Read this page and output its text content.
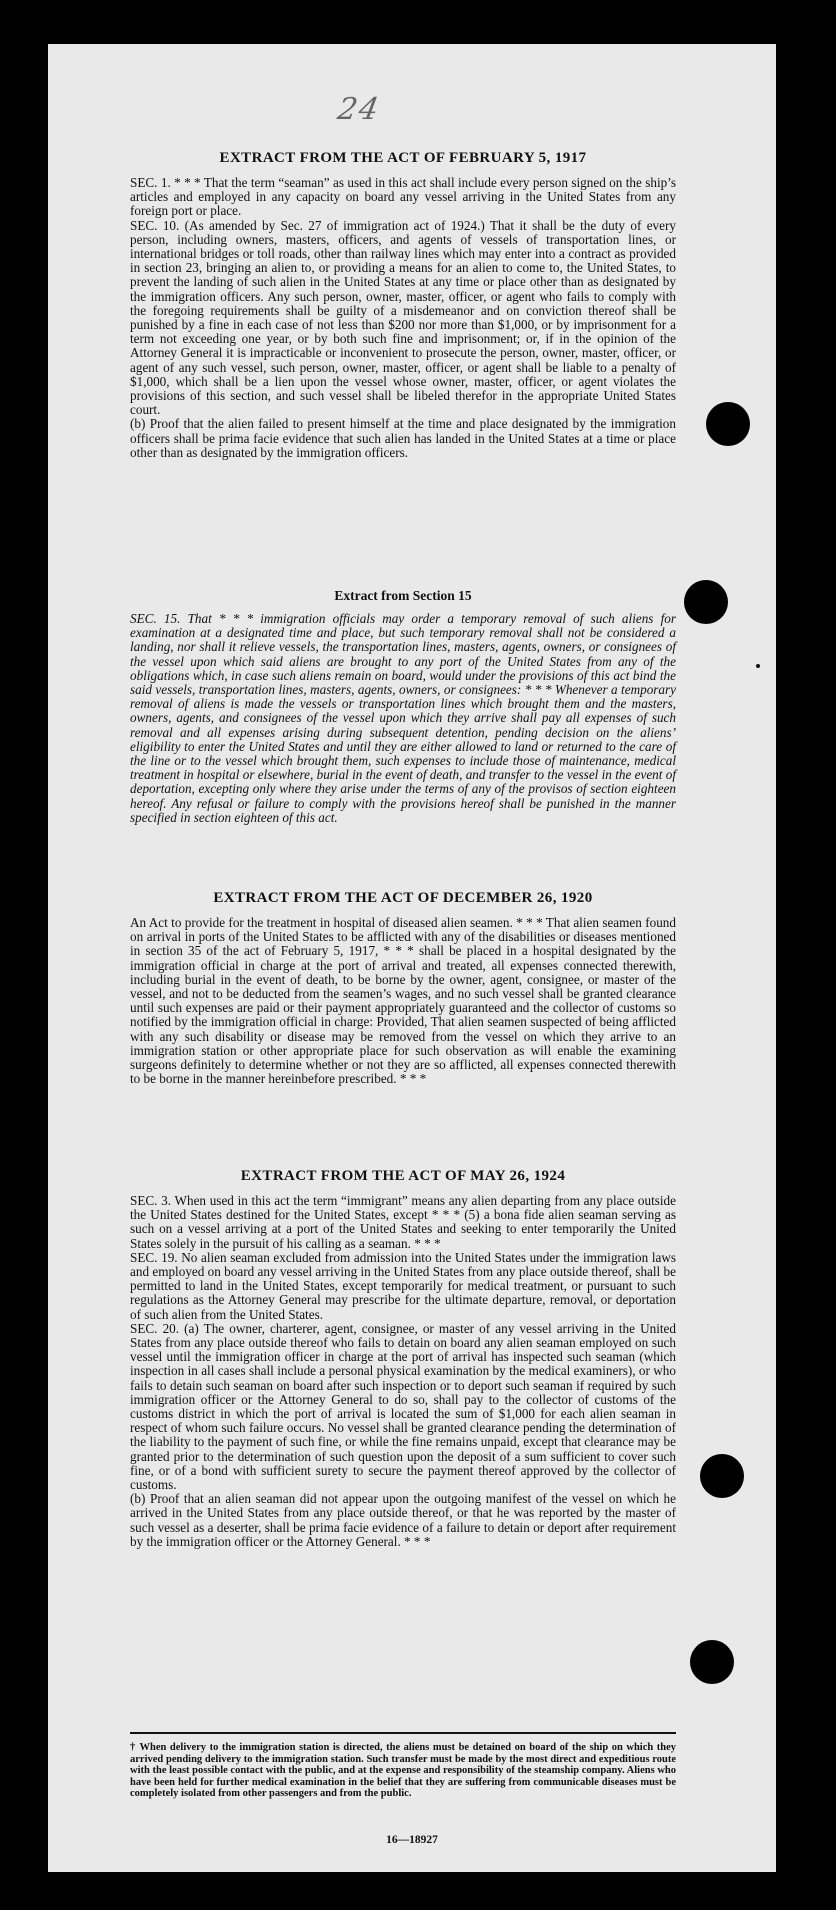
24
EXTRACT FROM THE ACT OF FEBRUARY 5, 1917

SEC. 1. * * * That the term “seaman” as used in this act shall include every person signed on the ship’s articles and employed in any capacity on board any vessel arriving in the United States from any foreign port or place.

SEC. 10. (As amended by Sec. 27 of immigration act of 1924.) That it shall be the duty of every person, including owners, masters, officers, and agents of vessels of transportation lines, or international bridges or toll roads, other than railway lines which may enter into a contract as provided in section 23, bringing an alien to, or providing a means for an alien to come to, the United States, to prevent the landing of such alien in the United States at any time or place other than as designated by the immigration officers. Any such person, owner, master, officer, or agent who fails to comply with the foregoing requirements shall be guilty of a misdemeanor and on conviction thereof shall be punished by a fine in each case of not less than $200 nor more than $1,000, or by imprisonment for a term not exceeding one year, or by both such fine and imprisonment; or, if in the opinion of the Attorney General it is impracticable or inconvenient to prosecute the person, owner, master, officer, or agent of any such vessel, such person, owner, master, officer, or agent shall be liable to a penalty of $1,000, which shall be a lien upon the vessel whose owner, master, officer, or agent violates the provisions of this section, and such vessel shall be libeled therefor in the appropriate United States court.

(b) Proof that the alien failed to present himself at the time and place designated by the immigration officers shall be prima facie evidence that such alien has landed in the United States at a time or place other than as designated by the immigration officers.

Extract from Section 15
SEC. 15. That * * * immigration officials may order a temporary removal of such aliens for examination at a designated time and place, but such temporary removal shall not be considered a landing, nor shall it relieve vessels, the transportation lines, masters, agents, owners, or consignees of the vessel upon which said aliens are brought to any port of the United States from any of the obligations which, in case such aliens remain on board, would under the provisions of this act bind the said vessels, transportation lines, masters, agents, owners, or consignees: * * * Whenever a temporary removal of aliens is made the vessels or transportation lines which brought them and the masters, owners, agents, and consignees of the vessel upon which they arrive shall pay all expenses of such removal and all expenses arising during subsequent detention, pending decision on the aliens’ eligibility to enter the United States and until they are either allowed to land or returned to the care of the line or to the vessel which brought them, such expenses to include those of maintenance, medical treatment in hospital or elsewhere, burial in the event of death, and transfer to the vessel in the event of deportation, excepting only where they arise under the terms of any of the provisos of section eighteen hereof. Any refusal or failure to comply with the provisions hereof shall be punished in the manner specified in section eighteen of this act.
EXTRACT FROM THE ACT OF DECEMBER 26, 1920
An Act to provide for the treatment in hospital of diseased alien seamen. * * * That alien seamen found on arrival in ports of the United States to be afflicted with any of the disabilities or diseases mentioned in section 35 of the act of February 5, 1917, * * * shall be placed in a hospital designated by the immigration official in charge at the port of arrival and treated, all expenses connected therewith, including burial in the event of death, to be borne by the owner, agent, consignee, or master of the vessel, and not to be deducted from the seamen’s wages, and no such vessel shall be granted clearance until such expenses are paid or their payment appropriately guaranteed and the collector of customs so notified by the immigration official in charge: Provided, That alien seamen suspected of being afflicted with any such disability or disease may be removed from the vessel on which they arrive to an immigration station or other appropriate place for such observation as will enable the examining surgeons definitely to determine whether or not they are so afflicted, all expenses connected therewith to be borne in the manner hereinbefore prescribed. * * *
EXTRACT FROM THE ACT OF MAY 26, 1924

SEC. 3. When used in this act the term “immigrant” means any alien departing from any place outside the United States destined for the United States, except * * * (5) a bona fide alien seaman serving as such on a vessel arriving at a port of the United States and seeking to enter temporarily the United States solely in the pursuit of his calling as a seaman. * * *

SEC. 19. No alien seaman excluded from admission into the United States under the immigration laws and employed on board any vessel arriving in the United States from any place outside thereof, shall be permitted to land in the United States, except temporarily for medical treatment, or pursuant to such regulations as the Attorney General may prescribe for the ultimate departure, removal, or deportation of such alien from the United States.

SEC. 20. (a) The owner, charterer, agent, consignee, or master of any vessel arriving in the United States from any place outside thereof who fails to detain on board any alien seaman employed on such vessel until the immigration officer in charge at the port of arrival has inspected such seaman (which inspection in all cases shall include a personal physical examination by the medical examiners), or who fails to detain such seaman on board after such inspection or to deport such seaman if required by such immigration officer or the Attorney General to do so, shall pay to the collector of customs of the customs district in which the port of arrival is located the sum of $1,000 for each alien seaman in respect of whom such failure occurs. No vessel shall be granted clearance pending the determination of the liability to the payment of such fine, or while the fine remains unpaid, except that clearance may be granted prior to the determination of such question upon the deposit of a sum sufficient to cover such fine, or of a bond with sufficient surety to secure the payment thereof approved by the collector of customs.

(b) Proof that an alien seaman did not appear upon the outgoing manifest of the vessel on which he arrived in the United States from any place outside thereof, or that he was reported by the master of such vessel as a deserter, shall be prima facie evidence of a failure to detain or deport after requirement by the immigration officer or the Attorney General. * * *

† When delivery to the immigration station is directed, the aliens must be detained on board of the ship on which they arrived pending delivery to the immigration station. Such transfer must be made by the most direct and expeditious route with the least possible contact with the public, and at the expense and responsibility of the steamship company. Aliens who have been held for further medical examination in the belief that they are suffering from communicable diseases must be completely isolated from other passengers and from the public.
16—18927
